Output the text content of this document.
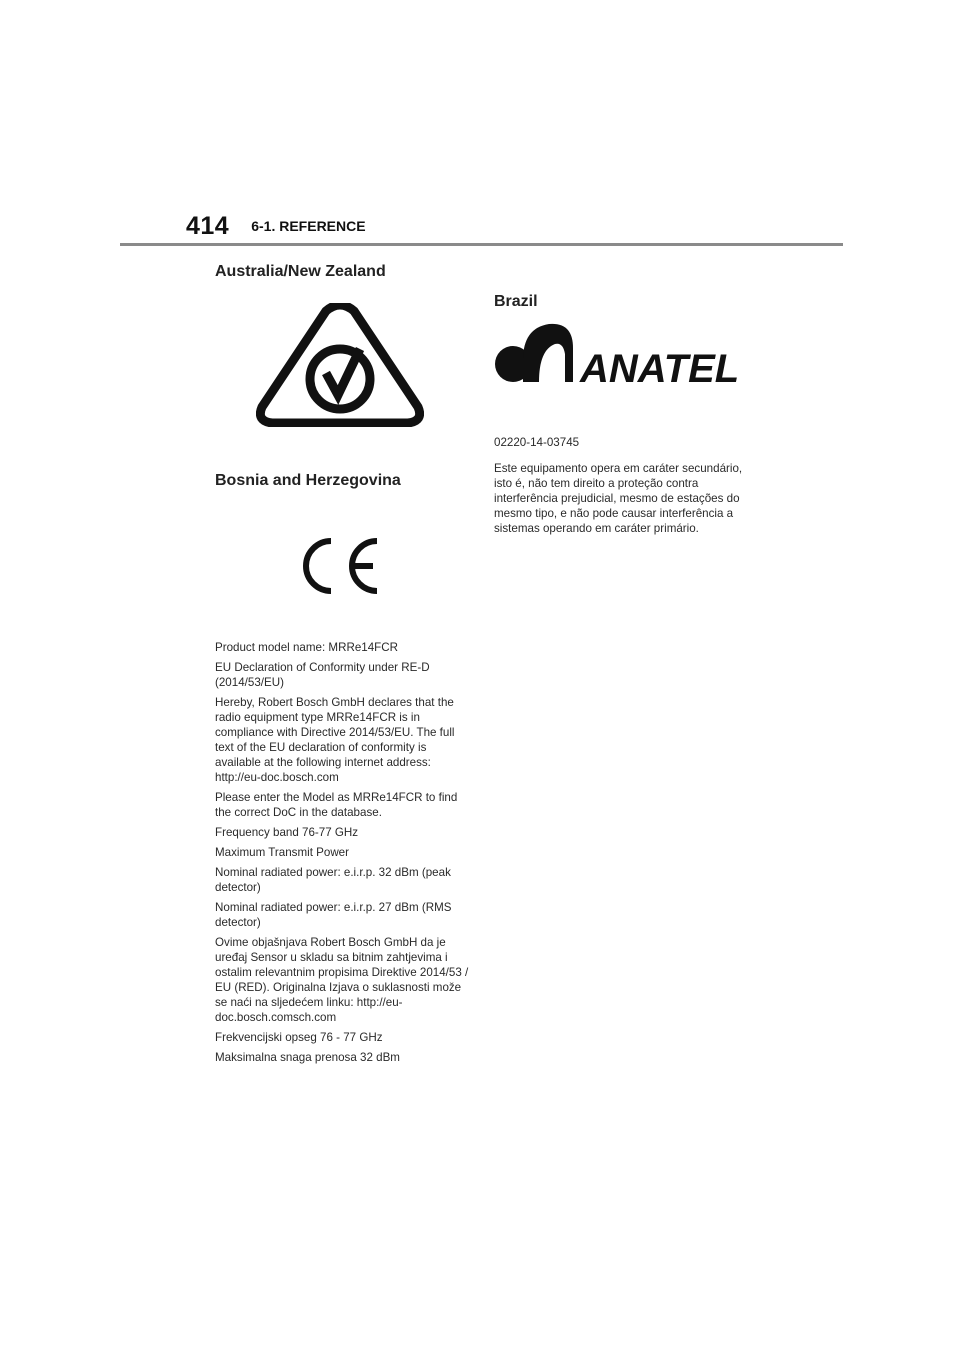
414 6-1. REFERENCE
Australia/New Zealand
Bosnia and Herzegovina

Product model name: MRRe14FCR

EU Declaration of Conformity under RE-D (2014/53/EU)

Hereby, Robert Bosch GmbH declares that the radio equipment type MRRe14FCR is in compliance with Directive 2014/53/EU. The full text of the EU declaration of conformity is available at the following internet address: http://eu-doc.bosch.com

Please enter the Model as MRRe14FCR to find the correct DoC in the database.

Frequency band 76-77 GHz

Maximum Transmit Power

Nominal radiated power: e.i.r.p. 32 dBm (peak detector)

Nominal radiated power: e.i.r.p. 27 dBm (RMS detector)

Ovime objašnjava Robert Bosch GmbH da je uređaj Sensor u skladu sa bitnim zahtjevima i ostalim relevantnim propisima Direktive 2014/53 / EU (RED). Originalna Izjava o suklasnosti može se naći na sljedećem linku: http://eu-doc.bosch.comsch.com

Frekvencijski opseg 76 - 77 GHz

Maksimalna snaga prenosa 32 dBm

Brazil
ANATEL

02220-14-03745

Este equipamento opera em caráter secundário, isto é, não tem direito a proteção contra interferência prejudicial, mesmo de estações do mesmo tipo, e não pode causar interferência a sistemas operando em caráter primário.
